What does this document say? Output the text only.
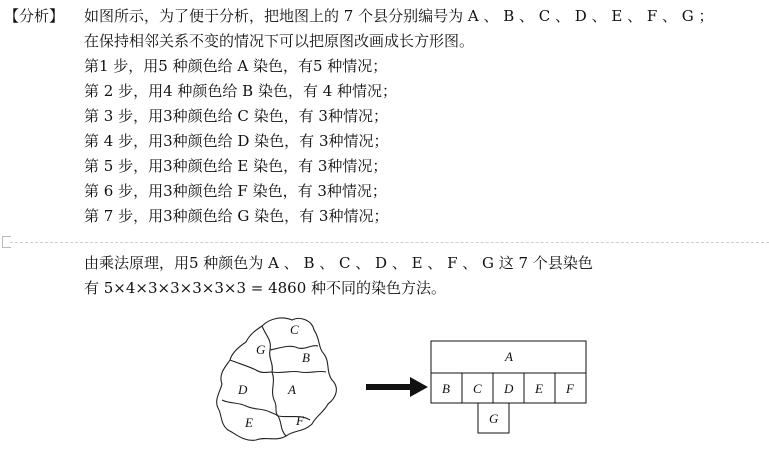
【分析】 如图所示，为了便于分析，把地图上的 7 个县分别编号为 A 、 B 、 C 、 D 、 E 、 F 、 G ；
在保持相邻关系不变的情况下可以把原图改画成长方形图。
第1 步，用5 种颜色给 A 染色，有5 种情况；
第 2 步，用4 种颜色给 B 染色，有 4 种情况；
第 3 步，用3种颜色给 C 染色，有 3种情况；
第 4 步，用3种颜色给 D 染色，有 3种情况；
第 5 步，用3种颜色给 E 染色，有 3种情况；
第 6 步，用3种颜色给 F 染色，有 3种情况；
第 7 步，用3种颜色给 G 染色，有 3种情况；
由乘法原理，用5 种颜色为 A 、 B 、 C 、 D 、 E 、 F 、 G 这 7 个县染色
有 5×4×3×3×3×3×3 = 4860 种不同的染色方法。
C
G
B
D	A
E	F
A
B C D E F
G
